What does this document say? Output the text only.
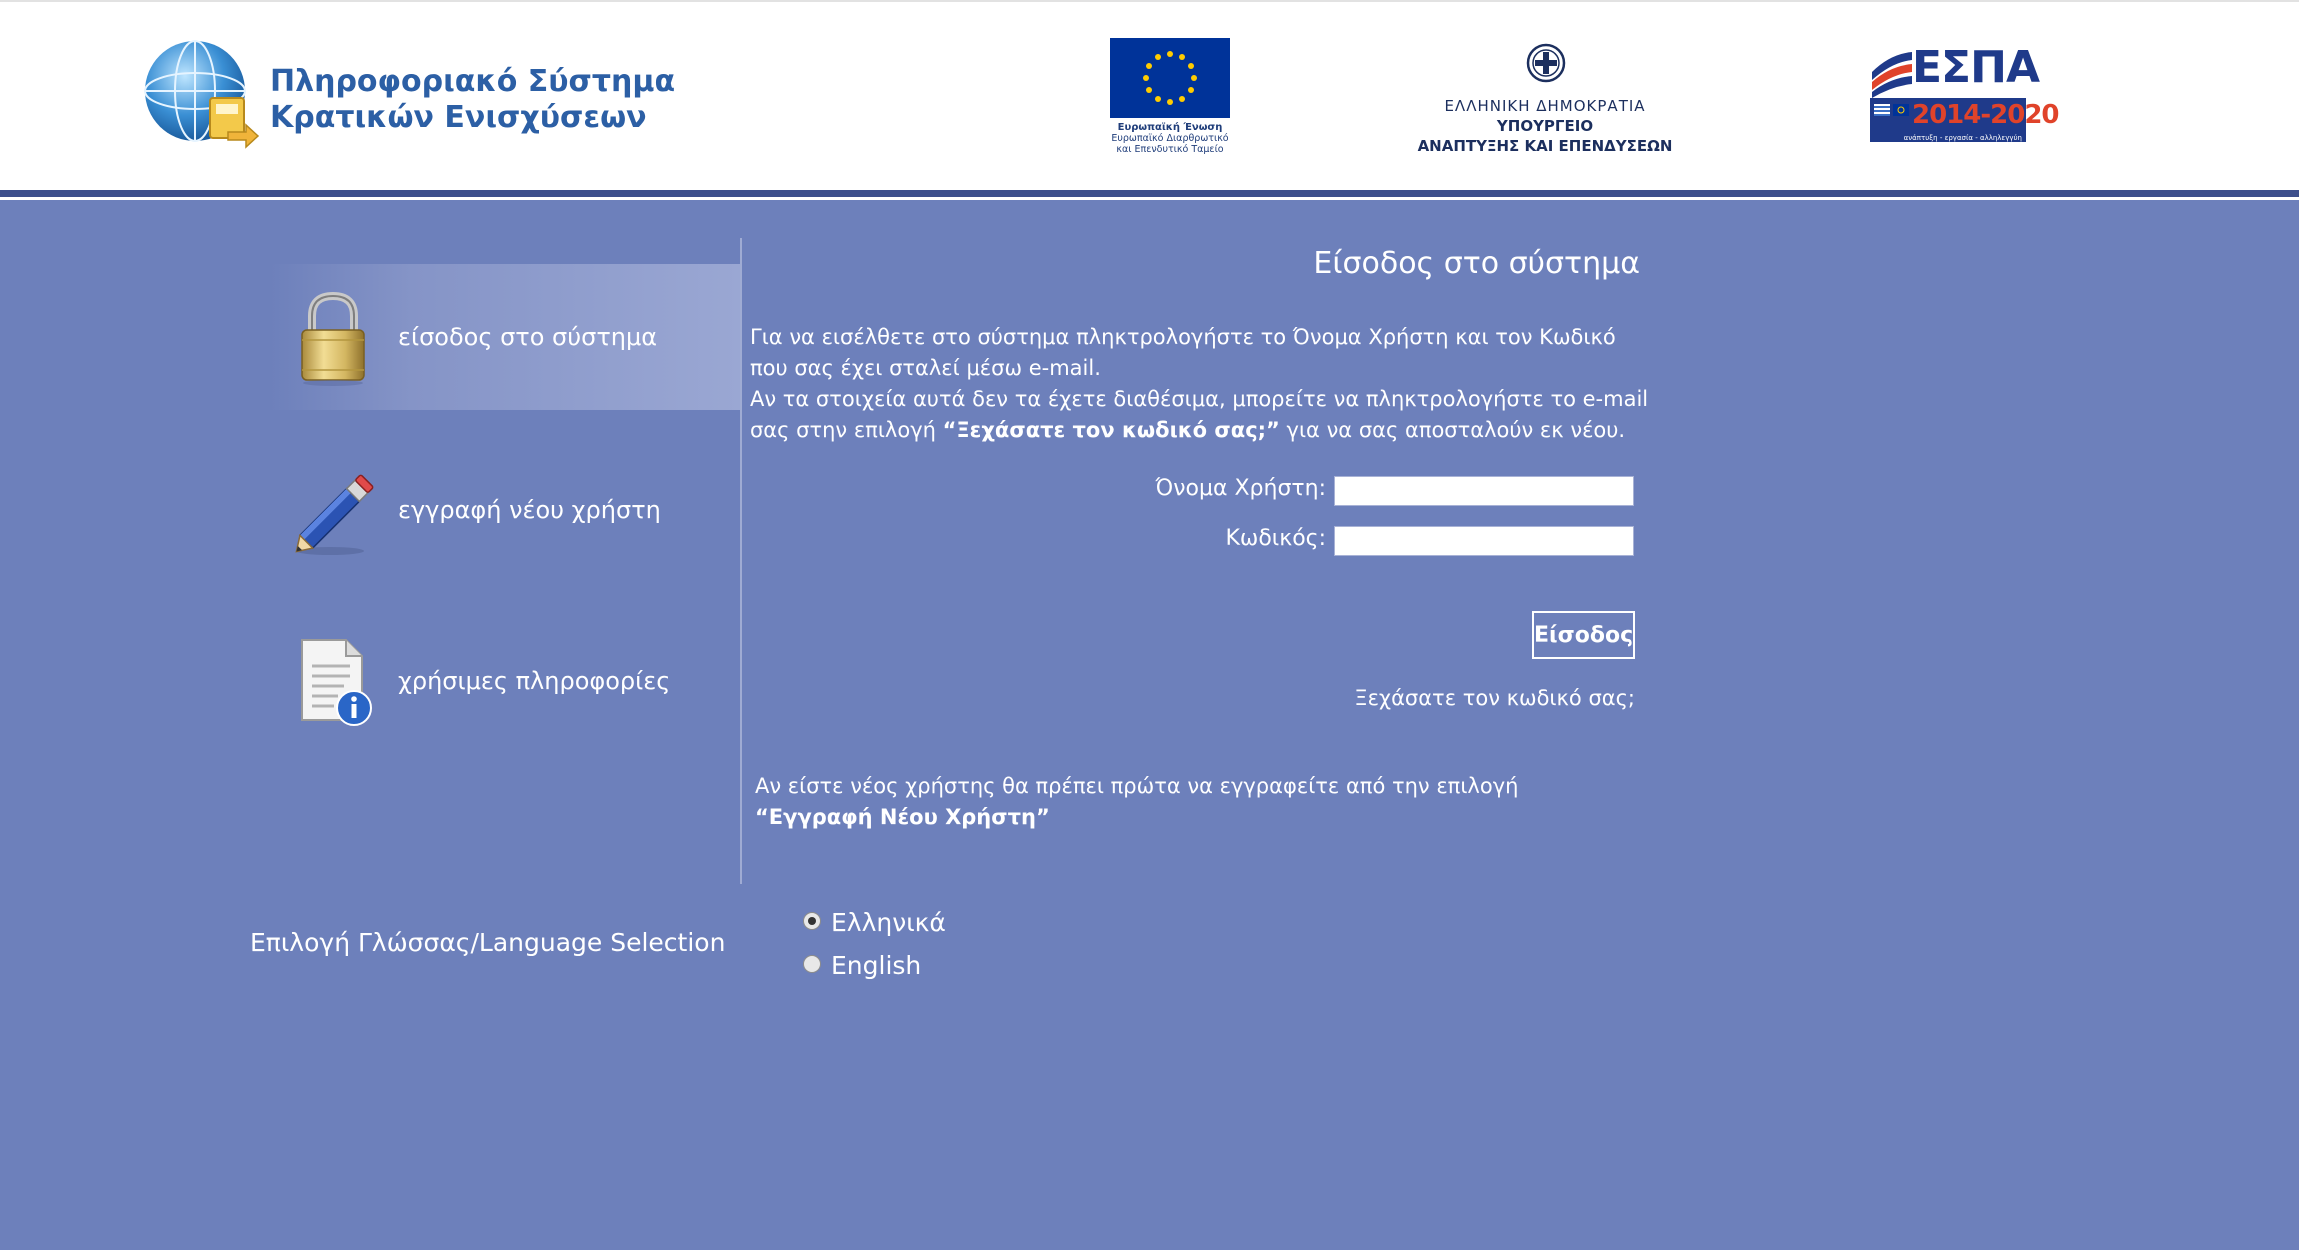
Πληροφοριακό Σύστημα
Κρατικών Ενισχύσεων	Ευρωπαϊκή Ένωση
Ευρωπαϊκό Διαρθρωτικό
και Επενδυτικό Ταμείο
ΕΛΛΗΝΙΚΗ ΔΗΜΟΚΡΑΤΙΑ
ΥΠΟΥΡΓΕΙΟ
ΑΝΑΠΤΥΞΗΣ ΚΑΙ ΕΠΕΝΔΥΣΕΩΝ
ΕΣΠΑ
2014-2020
ανάπτυξη - εργασία - αλληλεγγύη
είσοδος στο σύστημα
εγγραφή νέου χρήστη
χρήσιμες πληροφορίες
Είσοδος στο σύστημα
Για να εισέλθετε στο σύστημα πληκτρολογήστε το Όνομα Χρήστη και τον Κωδικό που σας έχει σταλεί μέσω e-mail.
Αν τα στοιχεία αυτά δεν τα έχετε διαθέσιμα, μπορείτε να πληκτρολογήστε το e-mail σας στην επιλογή “Ξεχάσατε τον κωδικό σας;” για να σας αποσταλούν εκ νέου.
Όνομα Χρήστη:
Κωδικός:
Είσοδος
Ξεχάσατε τον κωδικό σας;
Αν είστε νέος χρήστης θα πρέπει πρώτα να εγγραφείτε από την επιλογή “Εγγραφή Νέου Χρήστη”
Επιλογή Γλώσσας/Language Selection
Ελληνικά
English
